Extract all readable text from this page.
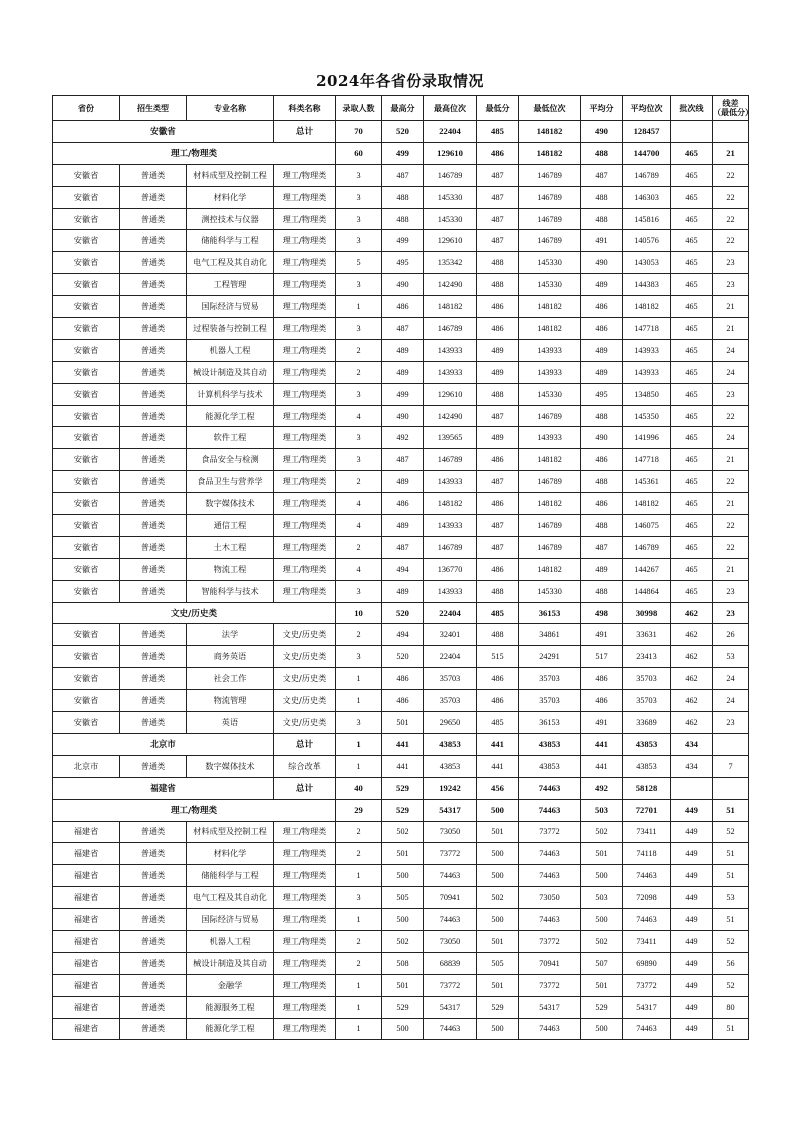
2024年各省份录取情况
省份	招生类型	专业名称	科类名称	录取人数	最高分	最高位次	最低分	最低位次	平均分	平均位次	批次线	线差
（最低分）
安徽省			总计	70	520	22404	485	148182	490	128457		
理工/物理类				60	499	129610	486	148182	488	144700	465	21
安徽省	普通类	材料成型及控制工程	理工/物理类	3	487	146789	487	146789	487	146789	465	22
安徽省	普通类	材料化学	理工/物理类	3	488	145330	487	146789	488	146303	465	22
安徽省	普通类	测控技术与仪器	理工/物理类	3	488	145330	487	146789	488	145816	465	22
安徽省	普通类	储能科学与工程	理工/物理类	3	499	129610	487	146789	491	140576	465	22
安徽省	普通类	电气工程及其自动化	理工/物理类	5	495	135342	488	145330	490	143053	465	23
安徽省	普通类	工程管理	理工/物理类	3	490	142490	488	145330	489	144383	465	23
安徽省	普通类	国际经济与贸易	理工/物理类	1	486	148182	486	148182	486	148182	465	21
安徽省	普通类	过程装备与控制工程	理工/物理类	3	487	146789	486	148182	486	147718	465	21
安徽省	普通类	机器人工程	理工/物理类	2	489	143933	489	143933	489	143933	465	24
安徽省	普通类	械设计制造及其自动	理工/物理类	2	489	143933	489	143933	489	143933	465	24
安徽省	普通类	计算机科学与技术	理工/物理类	3	499	129610	488	145330	495	134850	465	23
安徽省	普通类	能源化学工程	理工/物理类	4	490	142490	487	146789	488	145350	465	22
安徽省	普通类	软件工程	理工/物理类	3	492	139565	489	143933	490	141996	465	24
安徽省	普通类	食品安全与检测	理工/物理类	3	487	146789	486	148182	486	147718	465	21
安徽省	普通类	食品卫生与营养学	理工/物理类	2	489	143933	487	146789	488	145361	465	22
安徽省	普通类	数字媒体技术	理工/物理类	4	486	148182	486	148182	486	148182	465	21
安徽省	普通类	通信工程	理工/物理类	4	489	143933	487	146789	488	146075	465	22
安徽省	普通类	土木工程	理工/物理类	2	487	146789	487	146789	487	146789	465	22
安徽省	普通类	物流工程	理工/物理类	4	494	136770	486	148182	489	144267	465	21
安徽省	普通类	智能科学与技术	理工/物理类	3	489	143933	488	145330	488	144864	465	23
文史/历史类				10	520	22404	485	36153	498	30998	462	23
安徽省	普通类	法学	文史/历史类	2	494	32401	488	34861	491	33631	462	26
安徽省	普通类	商务英语	文史/历史类	3	520	22404	515	24291	517	23413	462	53
安徽省	普通类	社会工作	文史/历史类	1	486	35703	486	35703	486	35703	462	24
安徽省	普通类	物流管理	文史/历史类	1	486	35703	486	35703	486	35703	462	24
安徽省	普通类	英语	文史/历史类	3	501	29650	485	36153	491	33689	462	23
北京市			总计	1	441	43853	441	43853	441	43853	434	
北京市	普通类	数字媒体技术	综合改革	1	441	43853	441	43853	441	43853	434	7
福建省			总计	40	529	19242	456	74463	492	58128		
理工/物理类				29	529	54317	500	74463	503	72701	449	51
福建省	普通类	材料成型及控制工程	理工/物理类	2	502	73050	501	73772	502	73411	449	52
福建省	普通类	材料化学	理工/物理类	2	501	73772	500	74463	501	74118	449	51
福建省	普通类	储能科学与工程	理工/物理类	1	500	74463	500	74463	500	74463	449	51
福建省	普通类	电气工程及其自动化	理工/物理类	3	505	70941	502	73050	503	72098	449	53
福建省	普通类	国际经济与贸易	理工/物理类	1	500	74463	500	74463	500	74463	449	51
福建省	普通类	机器人工程	理工/物理类	2	502	73050	501	73772	502	73411	449	52
福建省	普通类	械设计制造及其自动	理工/物理类	2	508	68839	505	70941	507	69890	449	56
福建省	普通类	金融学	理工/物理类	1	501	73772	501	73772	501	73772	449	52
福建省	普通类	能源服务工程	理工/物理类	1	529	54317	529	54317	529	54317	449	80
福建省	普通类	能源化学工程	理工/物理类	1	500	74463	500	74463	500	74463	449	51
